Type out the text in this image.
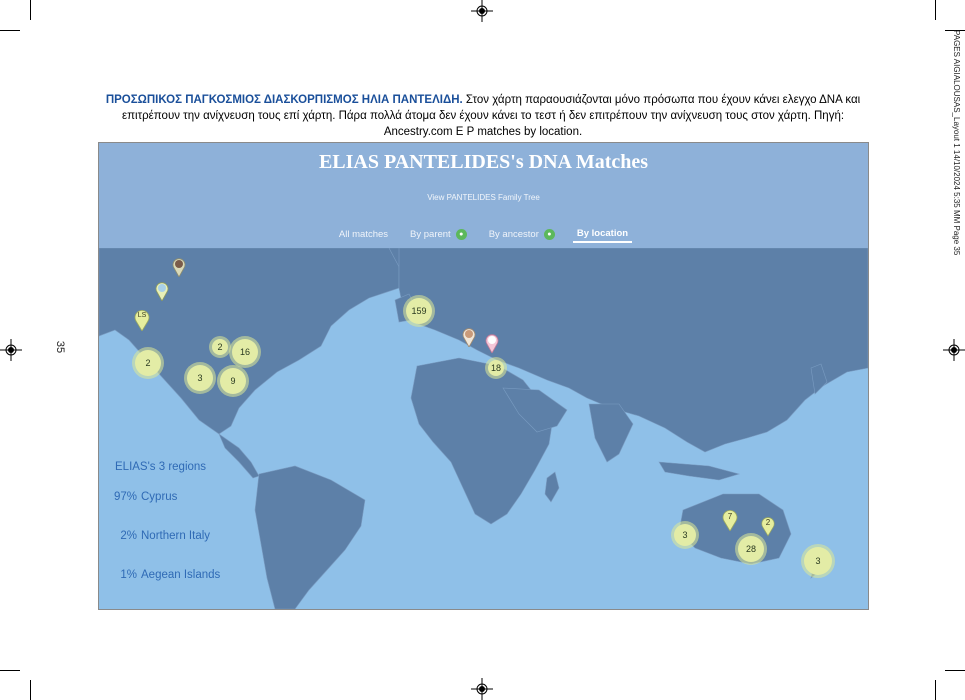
PAGES AIGIALOUSAS_Layout 1 14/10/2024 5:35 ΜΜ Page 35
35
ΠΡΟΣΩΠΙΚΟΣ ΠΑΓΚΟΣΜΙΟΣ ΔΙΑΣΚΟΡΠΙΣΜΟΣ ΗΛΙΑ ΠΑΝΤΕΛΙΔΗ. Στον χάρτη παραουσιάζονται μόνο πρόσωπα που έχουν κάνει ελεγχο ΔΝΑ και επιτρέπουν την ανίχνευση τους επί χάρτη. Πάρα πολλά άτομα δεν έχουν κάνει το τεστ ή δεν επιτρέπουν την ανίχνευση τους στον χάρτη. Πηγή: Ancestry.com Ε Ρ matches by location.
ELIAS PANTELIDES's DNA Matches
View PANTELIDES Family Tree
All matches By parent	●	By ancestor	●	By location
ELIAS's 3 regions
97% Cyprus
2% Northern Italy
1% Aegean Islands
LS
2
2 16
3	9
159
18
3
7
2
28
3
